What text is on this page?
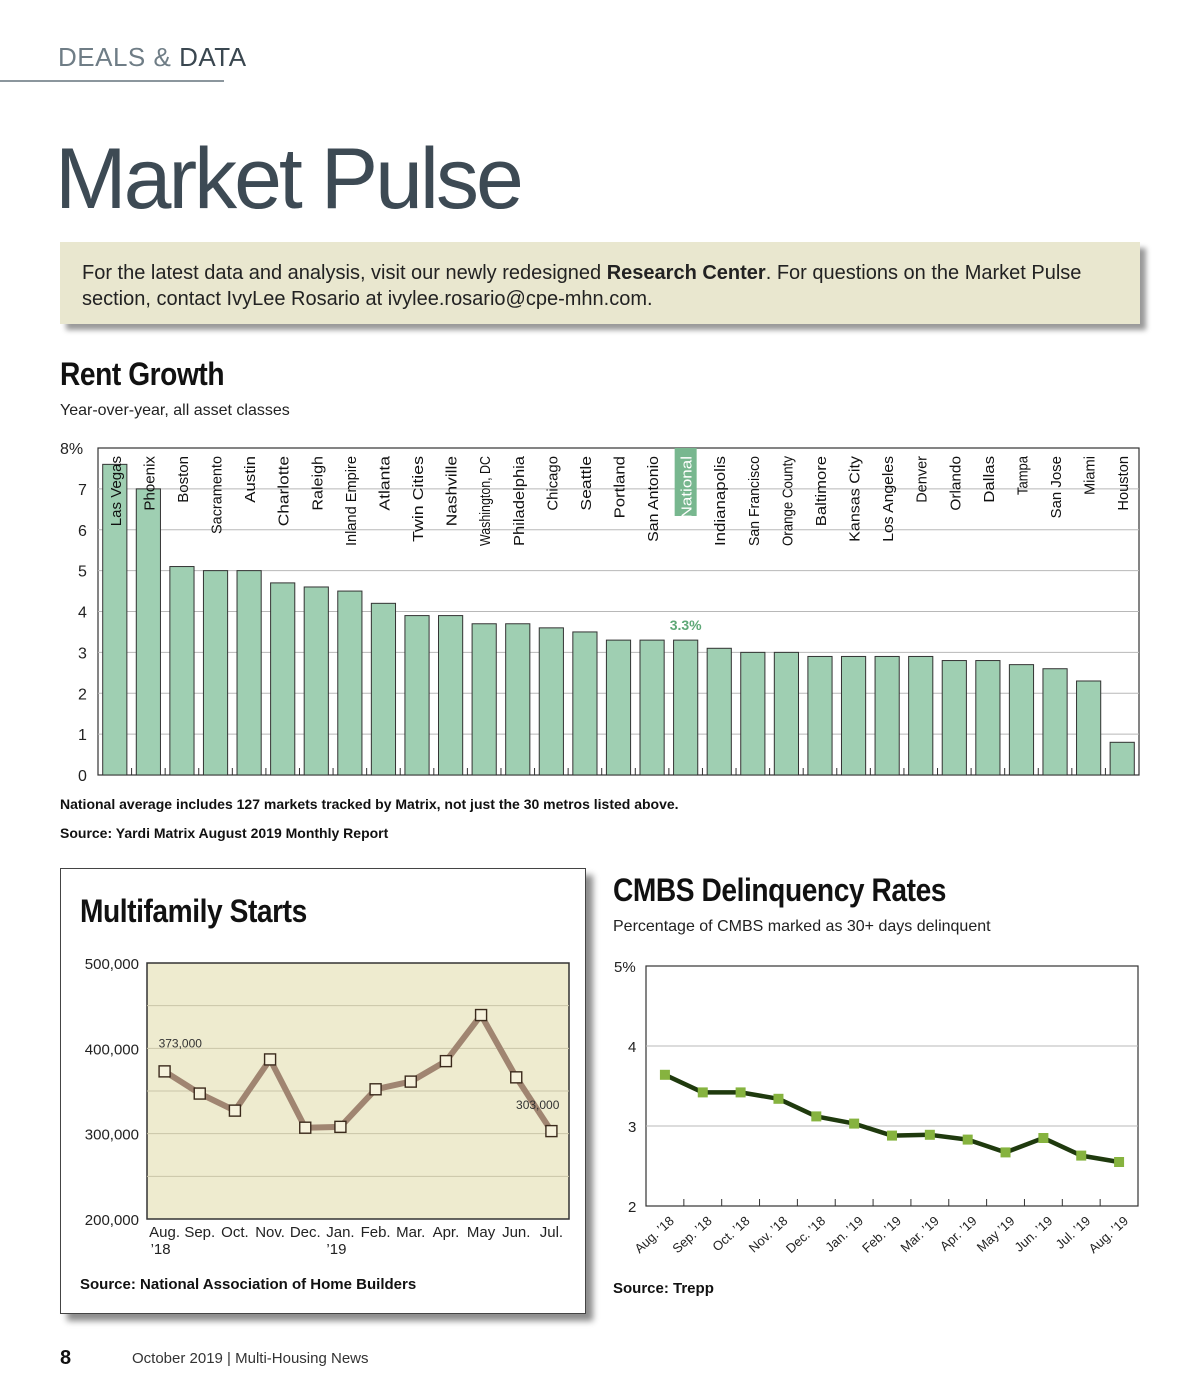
DEALS & DATA
Market Pulse

For the latest data and analysis, visit our newly redesigned Research Center. For questions on the Market Pulse section, contact IvyLee Rosario at ivylee.rosario@cpe-mhn.com.

Rent Growth
Year-over-year, all asset classes
0
1
2
3
4
5
6
7
8%
Las Vegas Phoenix Boston Sacramento Austin Charlotte Raleigh Inland Empire Atlanta Twin Cities Nashville Washington, DC Philadelphia Chicago Seattle Portland San Antonio National
3.3%
Indianapolis San Francisco Orange County Baltimore Kansas City Los Angeles Denver Orlando Dallas Tampa San Jose Miami Houston
National average includes 127 markets tracked by Matrix, not just the 30 metros listed above.
Source: Yardi Matrix August 2019 Monthly Report
Multifamily Starts
200,000
300,000
400,000
500,000
Aug.
’18
Sep. Oct. Nov. Dec. Jan.
’19
Feb. Mar. Apr. May Jun. Jul.
373,000
303,000
Source: National Association of Home Builders
CMBS Delinquency Rates
Percentage of CMBS marked as 30+ days delinquent
2
3
4
5%
Aug. ’18
Sep. ’18
Oct. ’18
Nov. ’18
Dec. ’18
Jan. ’19
Feb. ’19
Mar. ’19
Apr. ’19
May ’19
Jun. ’19
Jul. ’19
Aug. ’19
Source: Trepp
8	October 2019 | Multi-Housing News
